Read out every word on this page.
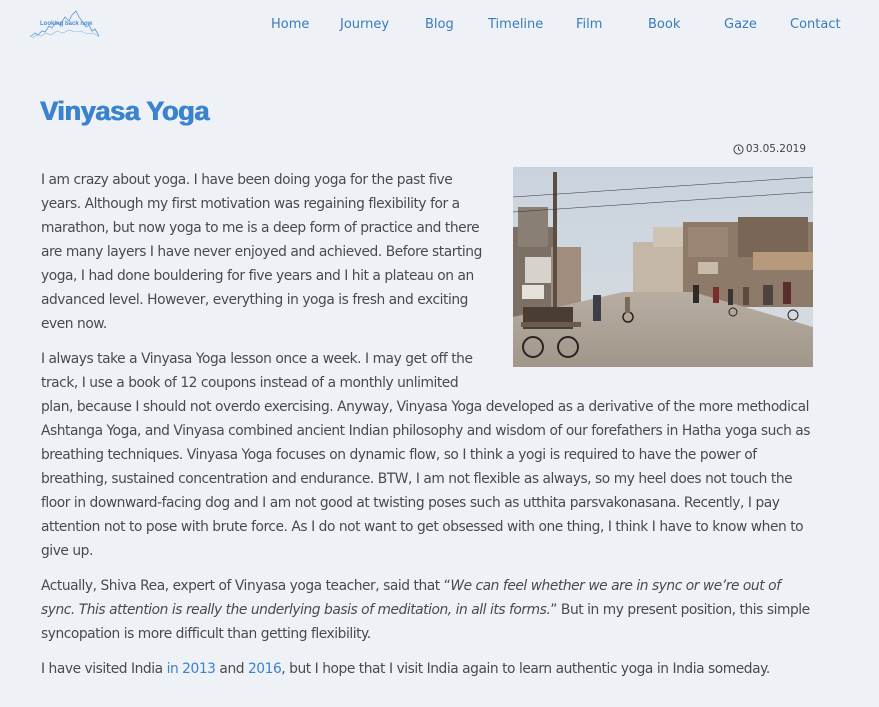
Looking back now	Home Journey	Blog	Timeline	Film	Book	Gaze	Contact
Vinyasa Yoga
03.05.2019

I am crazy about yoga. I have been doing yoga for the past five years. Although my first motivation was regaining flexibility for a marathon, but now yoga to me is a deep form of practice and there are many layers I have never enjoyed and achieved. Before starting yoga, I had done bouldering for five years and I hit a plateau on an advanced level. However, everything in yoga is fresh and exciting even now.

I always take a Vinyasa Yoga lesson once a week. I may get off the track, I use a book of 12 coupons instead of a monthly unlimited plan, because I should not overdo exercising. Anyway, Vinyasa Yoga developed as a derivative of the more methodical Ashtanga Yoga, and Vinyasa combined ancient Indian philosophy and wisdom of our forefathers in Hatha yoga such as breathing techniques. Vinyasa Yoga focuses on dynamic flow, so I think a yogi is required to have the power of breathing, sustained concentration and endurance. BTW, I am not flexible as always, so my heel does not touch the floor in downward-facing dog and I am not good at twisting poses such as utthita parsvakonasana. Recently, I pay attention not to pose with brute force. As I do not want to get obsessed with one thing, I think I have to know when to give up.

Actually, Shiva Rea, expert of Vinyasa yoga teacher, said that “We can feel whether we are in sync or we’re out of sync. This attention is really the underlying basis of meditation, in all its forms.” But in my present position, this simple syncopation is more difficult than getting flexibility.

I have visited India in 2013 and 2016, but I hope that I visit India again to learn authentic yoga in India someday.
